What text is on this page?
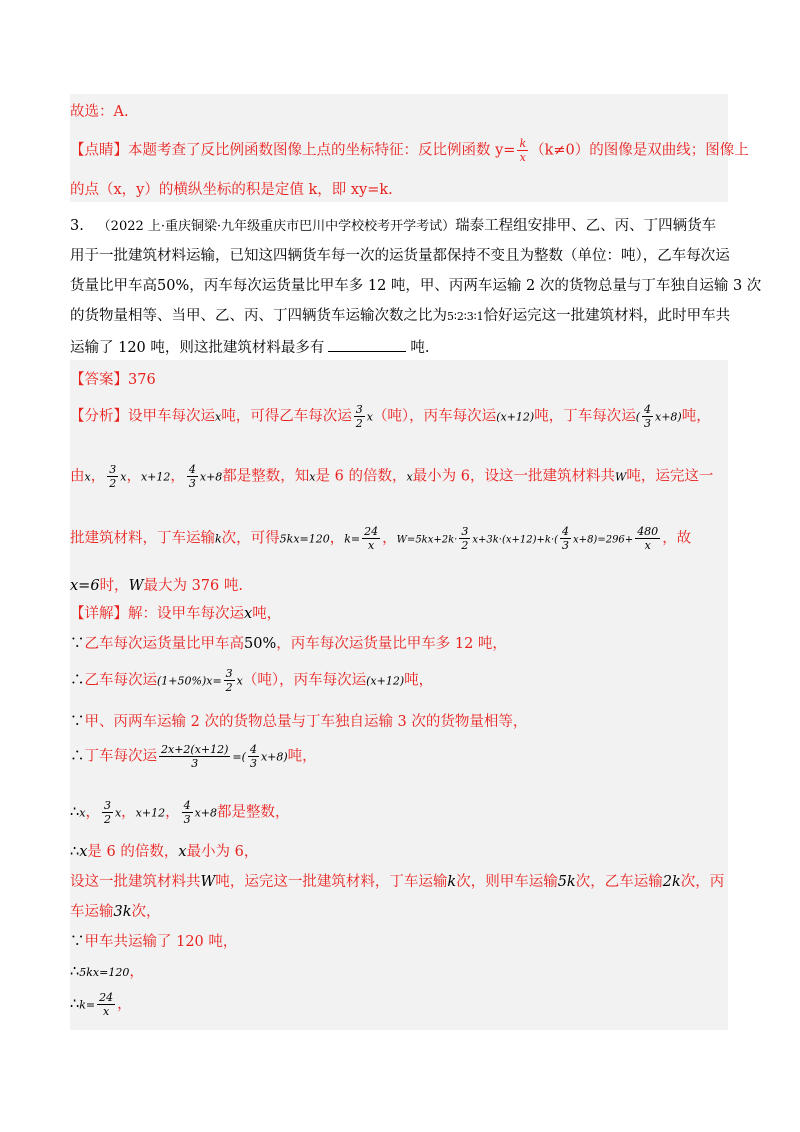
故选：A.
【点睛】本题考查了反比例函数图像上点的坐标特征：反比例函数 $y= \frac{k}{x} (k\ne 0)$的图像是双曲线；图像上
的点（x，y）的横纵坐标的积是定值 k，即 xy=k.
3. （2022 上·重庆铜梁·九年级重庆市巴川中学校校考开学考试）瑞泰工程组安排甲、乙、丙、丁四辆货车
用于一批建筑材料运输，已知这四辆货车每一次的运货量都保持不变且为整数（单位：吨），乙车每次运
货量比甲车高50%，丙车每次运货量比甲车多 12 吨，甲、丙两车运输 2 次的货物总量与丁车独自运输 3 次
的货物量相等、当甲、乙、丙、丁四辆货车运输次数之比为5∶2∶3∶1恰好运完这一批建筑材料，此时甲车共
运输了 120 吨，则这批建筑材料最多有	吨.
【答案】376
【分析】设甲车每次运x吨，可得乙车每次运 $\frac{3}{2} x$（吨），丙车每次运(x+12)吨，丁车每次运( $\frac{4}{3} x+8$)吨，
由x， $\frac{3}{2}$ x，x+12， $\frac{4}{3} x+8$都是整数，知x是 6 的倍数，x最小为 6，设这一批建筑材料共W吨，运完这一
批建筑材料，丁车运输k次，可得5kx=120，$k= \frac{24}{x}$ ，$W=5kx+2k\cdot \frac{3}{2} x+3k\cdot(x+12)+k\cdot( \frac{4}{3} x+8)=296+ \frac{480}{x}$ ，故
x=6时，W最大为 376 吨.
【详解】解：设甲车每次运x吨，
∵乙车每次运货量比甲车高50%，丙车每次运货量比甲车多 12 吨，
∴乙车每次运$(1+50\%)x= \frac{3}{2} x$（吨），丙车每次运(x+12)吨，
∵甲、丙两车运输 2 次的货物总量与丁车独自运输 3 次的货物量相等，
∴丁车每次运 $\frac{2x+2(x+12)}{3}$ =( $\frac{4}{3} x+8$)吨，
∴x， $\frac{3}{2}$ x，x+12， $\frac{4}{3} x+8$都是整数，
∴x是 6 的倍数，x最小为 6，
设这一批建筑材料共W吨，运完这一批建筑材料，丁车运输k次，则甲车运输5k次，乙车运输2k次，丙
车运输3k次，
∵甲车共运输了 120 吨，
∴5kx=120，
∴k= $\frac{24}{x}$ ，
